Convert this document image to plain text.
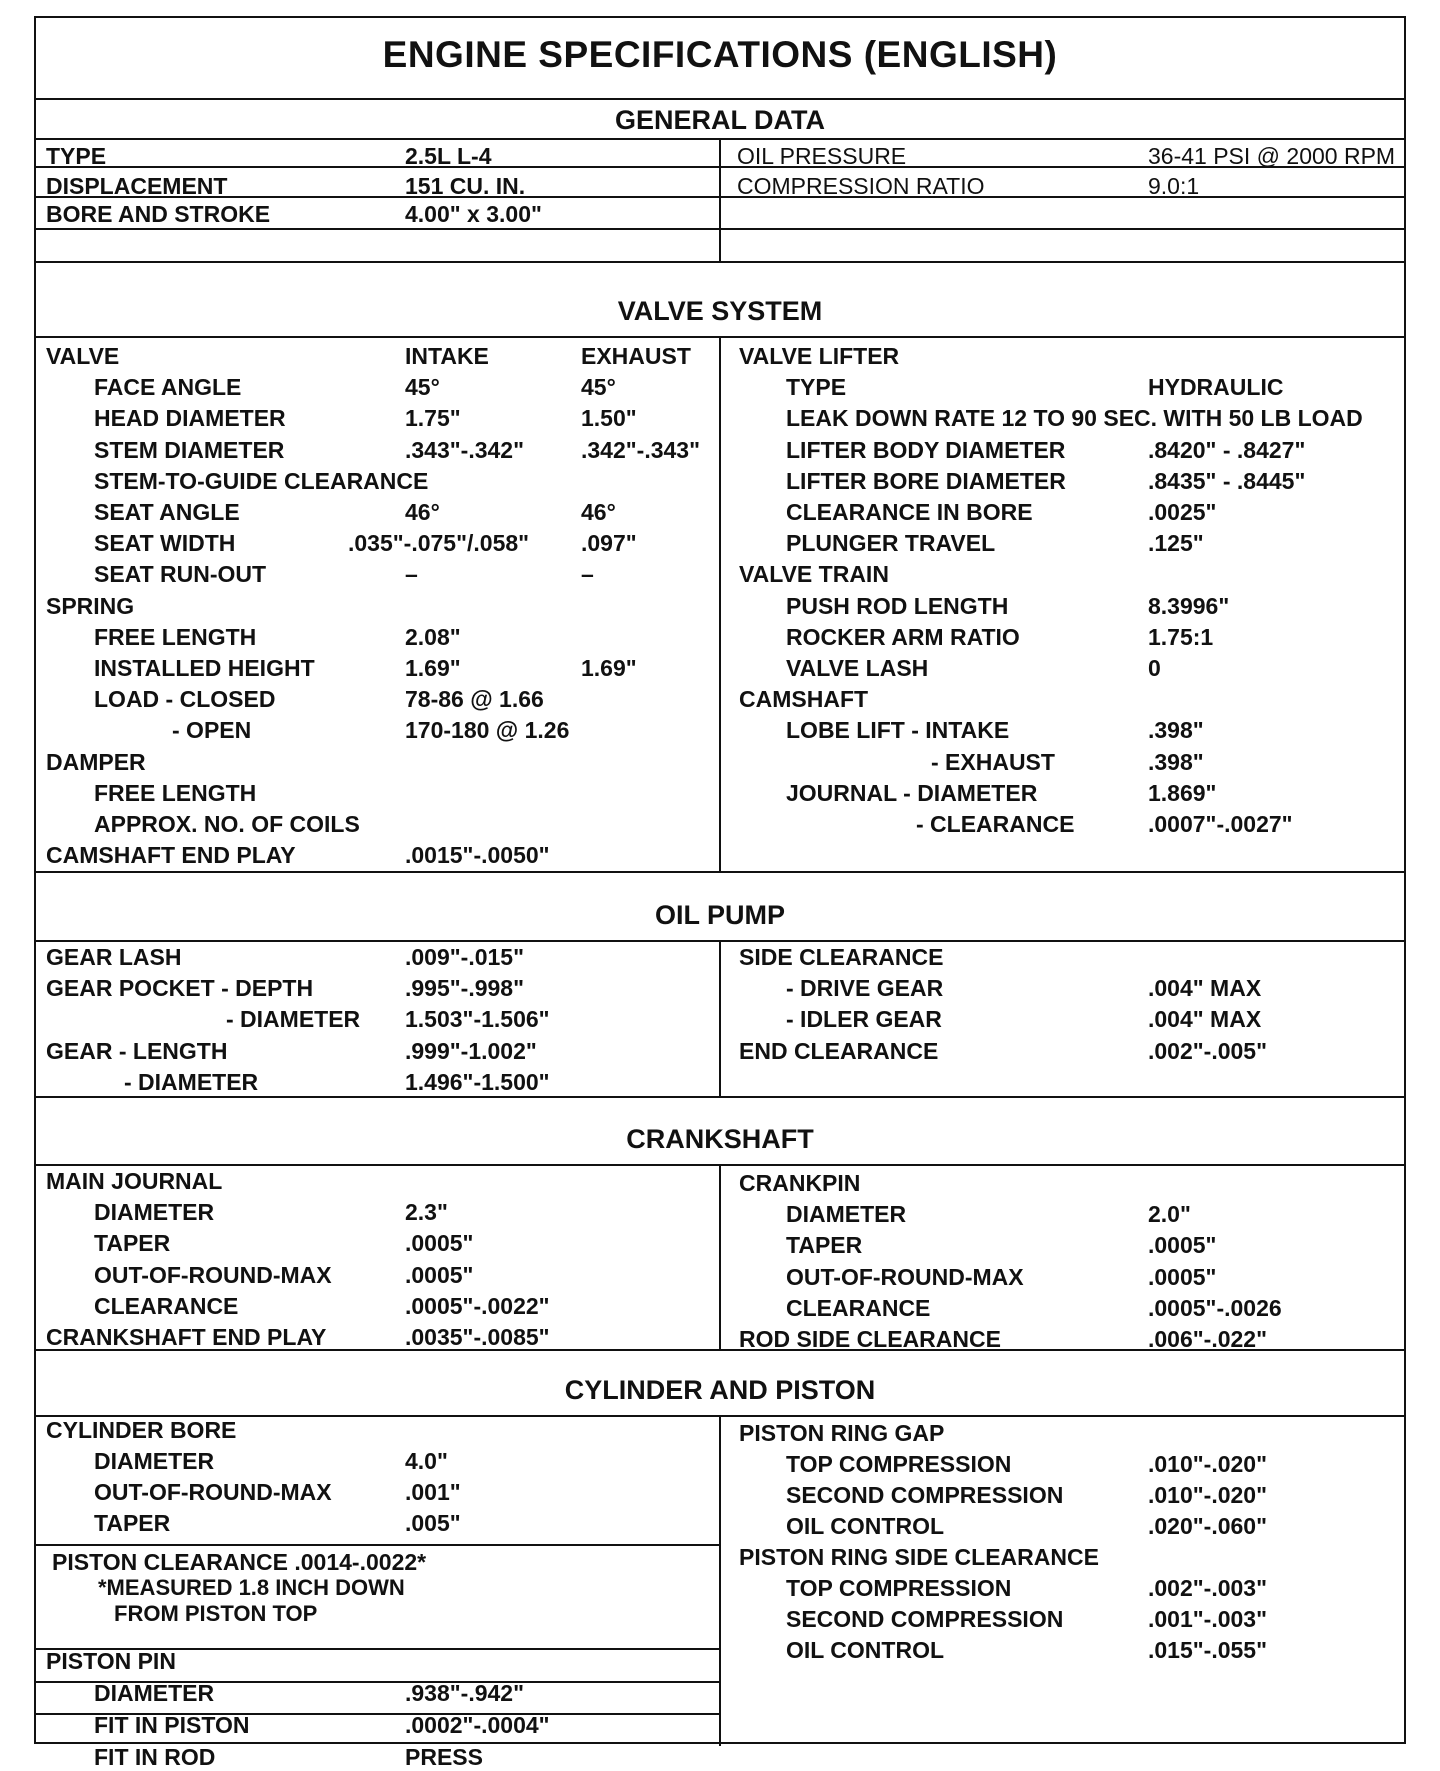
ENGINE SPECIFICATIONS (ENGLISH)
GENERAL DATA
VALVE SYSTEM
OIL PUMP
CRANKSHAFT
CYLINDER AND PISTON
TYPE	2.5L L-4
DISPLACEMENT	151 CU. IN.
BORE AND STROKE	4.00" x 3.00"
OIL PRESSURE	36-41 PSI @ 2000 RPM
COMPRESSION RATIO	9.0:1
VALVE	INTAKE	EXHAUST
FACE ANGLE	45°	45°
HEAD DIAMETER	1.75"	1.50"
STEM DIAMETER	.343"-.342" .342"-.343"
STEM-TO-GUIDE CLEARANCE
SEAT ANGLE	46°	46°
SEAT WIDTH	.035"-.075"/.058" .097"
SEAT RUN-OUT	–	–
SPRING
FREE LENGTH	2.08"
INSTALLED HEIGHT	1.69"	1.69"
LOAD - CLOSED	78-86 @ 1.66
- OPEN	170-180 @ 1.26
DAMPER
FREE LENGTH
APPROX. NO. OF COILS
CAMSHAFT END PLAY	.0015"-.0050"
VALVE LIFTER
TYPE	HYDRAULIC
LEAK DOWN RATE 12 TO 90 SEC. WITH 50 LB LOAD
LIFTER BODY DIAMETER	.8420" - .8427"
LIFTER BORE DIAMETER	.8435" - .8445"
CLEARANCE IN BORE	.0025"
PLUNGER TRAVEL	.125"
VALVE TRAIN
PUSH ROD LENGTH	8.3996"
ROCKER ARM RATIO	1.75:1
VALVE LASH	0
CAMSHAFT
LOBE LIFT - INTAKE	.398"
- EXHAUST	.398"
JOURNAL - DIAMETER	1.869"
- CLEARANCE	.0007"-.0027"
GEAR LASH	.009"-.015"
GEAR POCKET - DEPTH	.995"-.998"
- DIAMETER 1.503"-1.506"
GEAR - LENGTH	.999"-1.002"
- DIAMETER	1.496"-1.500"
SIDE CLEARANCE
- DRIVE GEAR	.004" MAX
- IDLER GEAR	.004" MAX
END CLEARANCE	.002"-.005"
MAIN JOURNAL
DIAMETER	2.3"
TAPER	.0005"
OUT-OF-ROUND-MAX	.0005"
CLEARANCE	.0005"-.0022"
CRANKSHAFT END PLAY	.0035"-.0085"
CRANKPIN
DIAMETER	2.0"
TAPER	.0005"
OUT-OF-ROUND-MAX	.0005"
CLEARANCE	.0005"-.0026
ROD SIDE CLEARANCE	.006"-.022"
CYLINDER BORE
DIAMETER	4.0"
OUT-OF-ROUND-MAX	.001"
TAPER	.005"
PISTON CLEARANCE .0014-.0022*
*MEASURED 1.8 INCH DOWN
FROM PISTON TOP
PISTON PIN
DIAMETER	.938"-.942"
FIT IN PISTON	.0002"-.0004"
FIT IN ROD	PRESS
PISTON RING GAP
TOP COMPRESSION	.010"-.020"
SECOND COMPRESSION	.010"-.020"
OIL CONTROL	.020"-.060"
PISTON RING SIDE CLEARANCE
TOP COMPRESSION	.002"-.003"
SECOND COMPRESSION	.001"-.003"
OIL CONTROL	.015"-.055"
